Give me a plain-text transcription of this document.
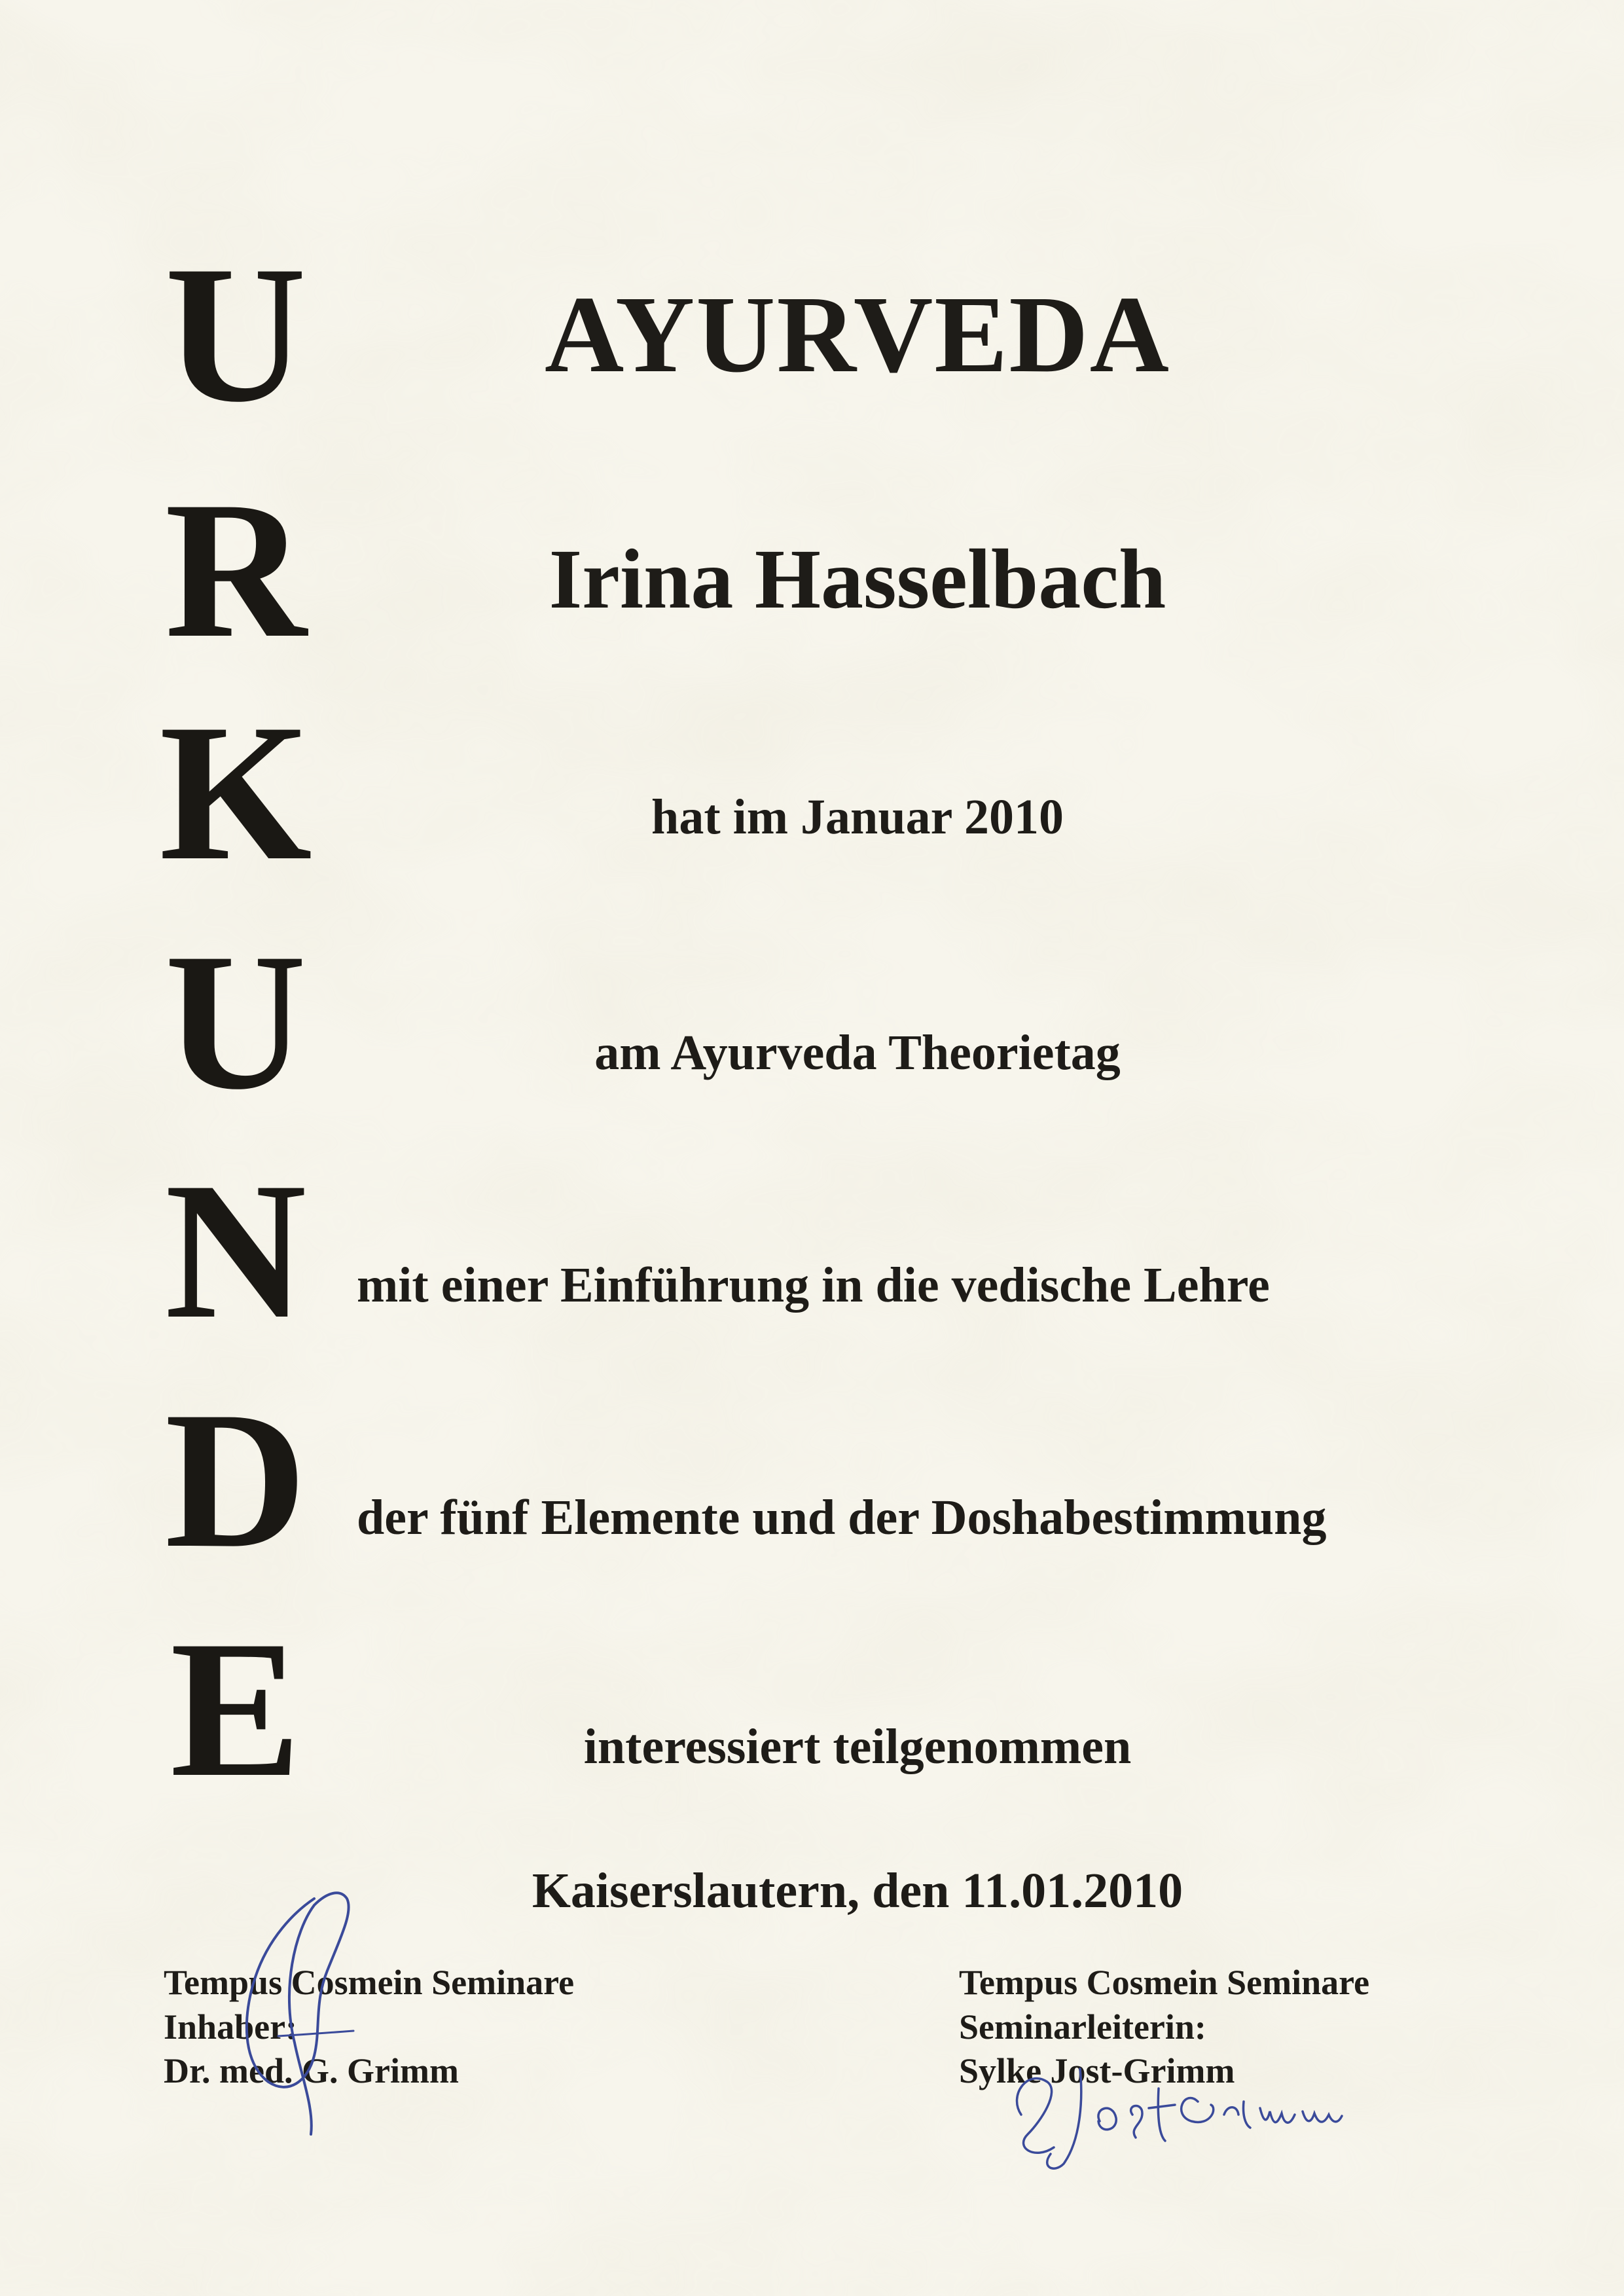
U
R
K
U
N
D
E
AYURVEDA
Irina Hasselbach
hat im Januar 2010
am Ayurveda Theorietag
mit einer Einführung in die vedische Lehre
der fünf Elemente und der Doshabestimmung
interessiert teilgenommen
Kaiserslautern, den 11.01.2010
Tempus Cosmein Seminare
Inhaber:
Dr. med. G. Grimm
Tempus Cosmein Seminare
Seminarleiterin:
Sylke Jost-Grimm
